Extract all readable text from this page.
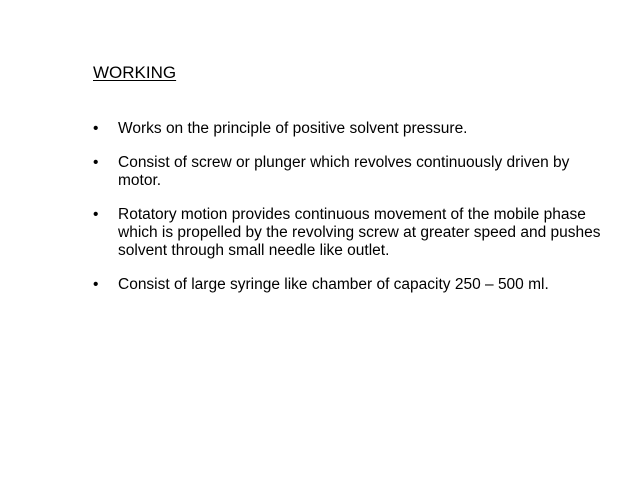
WORKING
• Works on the principle of positive solvent pressure.
• Consist of screw or plunger which revolves continuously driven by motor.
• Rotatory motion provides continuous movement of the mobile phase which is propelled by the revolving screw at greater speed and pushes solvent through small needle like outlet.
• Consist of large syringe like chamber of capacity 250 – 500 ml.
